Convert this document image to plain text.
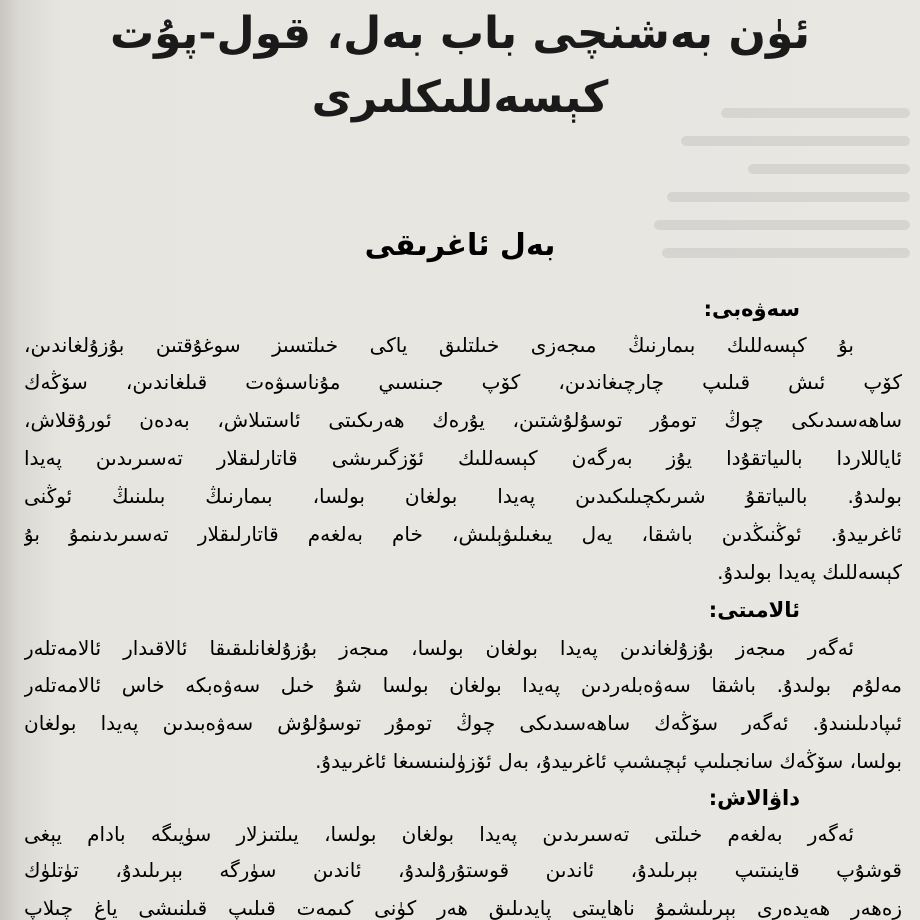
ئۈن بەشنچى باب بەل، قول-پۇت
كېسەللىكلىرى
بەل ئاغرىقى
سەۋەبى:
بۇ كېسەللىك بىمارنىڭ مىجەزى خىلتلىق ياكى خىلتسىز سوغۇقتىن بۇزۇلغاندىن،
كۆپ ئىش قىلىپ چارچىغاندىن، كۆپ جىنسىي مۇناسىۋەت قىلغاندىن، سۆڭەك
ساھەسىدىكى چوڭ تومۇر توسۇلۇشتىن، يۇرەك ھەرىكىتى ئاستىلاش، بەدەن ئورۇقلاش،
ئاياللاردا بالىياتقۇدا يۇز بەرگەن كېسەللىك ئۆزگىرىشى قاتارلىقلار تەسىرىدىن پەيدا
بولىدۇ. بالىياتقۇ شىرىكچىلىكىدىن پەيدا بولغان بولسا، بىمارنىڭ بىلىنىڭ ئوڭنى
ئاغرىيدۇ. ئوڭنىڭدىن باشقا، يەل يىغىلىۋېلىش، خام بەلغەم قاتارلىقلار تەسىرىدىنمۇ بۇ
كېسەللىك پەيدا بولىدۇ.
ئالامىتى:
ئەگەر مىجەز بۇزۇلغاندىن پەيدا بولغان بولسا، مىجەز بۇزۇلغانلىقىقا ئالاقىدار ئالامەتلەر
مەلۇم بولىدۇ. باشقا سەۋەبلەردىن پەيدا بولغان بولسا شۇ خىل سەۋەبكە خاس ئالامەتلەر
ئىپادىلىنىدۇ. ئەگەر سۆڭەك ساھەسىدىكى چوڭ تومۇر توسۇلۇش سەۋەبىدىن پەيدا بولغان
بولسا، سۆڭەك سانجىلىپ ئېچىشىپ ئاغرىيدۇ، بەل ئۆزۈلىنىسىغا ئاغرىيدۇ.
داۋالاش:
ئەگەر بەلغەم خىلتى تەسىرىدىن پەيدا بولغان بولسا، يىلتىزلار سۈيىگە بادام يېغى
قوشۇپ قاينىتىپ بېرىلىدۇ، ئاندىن قوستۇرۇلىدۇ، ئاندىن سۈرگە بېرىلىدۇ، تۈتلۈك
زەھەر ھەيدەرى بېرىلىشمۇ ناھايىتى پايدىلىق ھەر كۈنى كىمەت قىلىپ قىلنىشى ياغ چىلاپ
